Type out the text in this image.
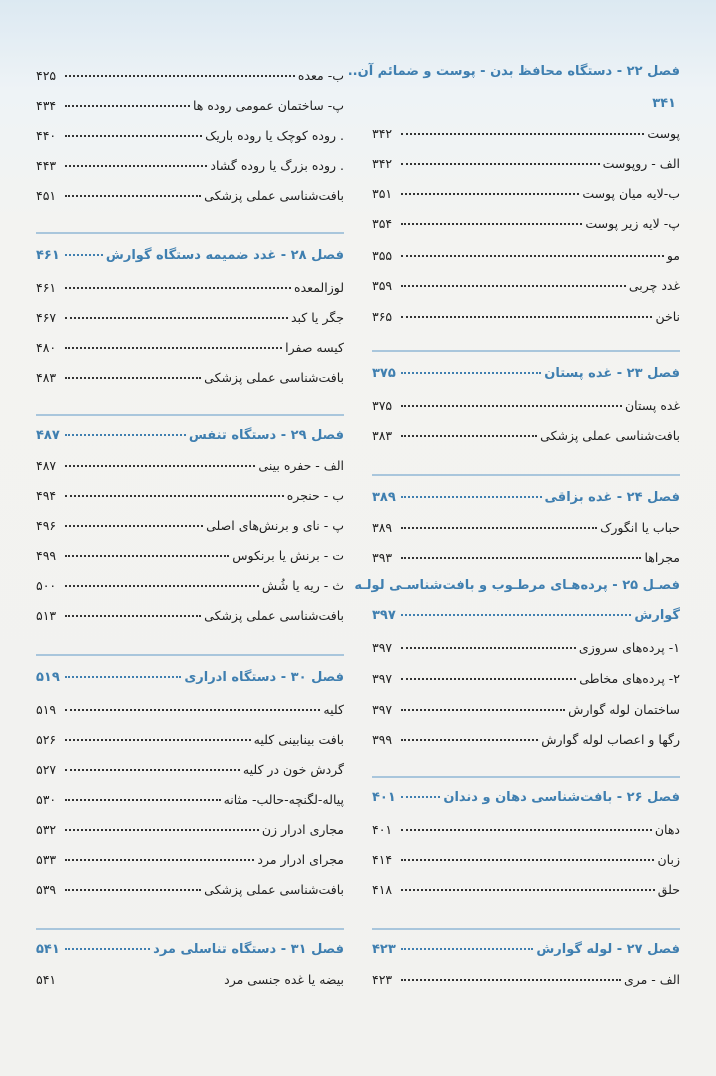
فصل ۲۲ - دستگاه محافظ بدن - پوست و ضمائم آن..
۳۴۱
پوست
۳۴۲
الف - روپوست
۳۴۲
ب-لایه میان پوست
۳۵۱
پ- لایه زیر پوست
۳۵۴
مو
۳۵۵
غدد چربی
۳۵۹
ناخن
۳۶۵
فصل ۲۳ - غده پستان
۳۷۵
غده پستان
۳۷۵
بافت‌شناسی عملی پزشکی
۳۸۳
فصل ۲۴ - غده بزاقی
۳۸۹
حباب یا انگورک
۳۸۹
مجراها
۳۹۳
فصـل ۲۵ - پرده‌هـای مرطـوب و بافت‌شناسـی لولـه
گوارش
۳۹۷
۱- پرده‌های سروزی
۳۹۷
۲- پرده‌های مخاطی
۳۹۷
ساختمان لوله گوارش
۳۹۷
رگها و اعصاب لوله گوارش
۳۹۹
فصل ۲۶ - بافت‌شناسی دهان و دندان
۴۰۱
دهان
۴۰۱
زبان
۴۱۴
حلق
۴۱۸
فصل ۲۷ - لوله گوارش
۴۲۳
الف - مری
۴۲۳
ب- معده
۴۲۵
پ- ساختمان عمومی روده ها
۴۳۴
. روده کوچک یا روده باریک
۴۴۰
. روده بزرگ یا روده گشاد
۴۴۳
بافت‌شناسی عملی پزشکی
۴۵۱
فصل ۲۸ - غدد ضمیمه دستگاه گوارش
۴۶۱
لوزالمعده
۴۶۱
جگر یا کبد
۴۶۷
کیسه صفرا
۴۸۰
بافت‌شناسی عملی پزشکی
۴۸۳
فصل ۲۹ - دستگاه تنفس
۴۸۷
الف - حفره بینی
۴۸۷
ب - حنجره
۴۹۴
پ - نای و برنش‌های اصلی
۴۹۶
ت - برنش یا برنکوس
۴۹۹
ث - ریه یا شُش
۵۰۰
بافت‌شناسی عملی پزشکی
۵۱۳
فصل ۳۰ - دستگاه ادراری
۵۱۹
کلیه
۵۱۹
بافت بینابینی کلیه
۵۲۶
گردش خون در کلیه
۵۲۷
پیاله-لگنچه-حالب- مثانه
۵۳۰
مجاری ادرار زن
۵۳۲
مجرای ادرار مرد
۵۳۳
بافت‌شناسی عملی پزشکی
۵۳۹
فصل ۳۱ - دستگاه تناسلی مرد
۵۴۱
بیضه یا غده جنسی مرد
۵۴۱
